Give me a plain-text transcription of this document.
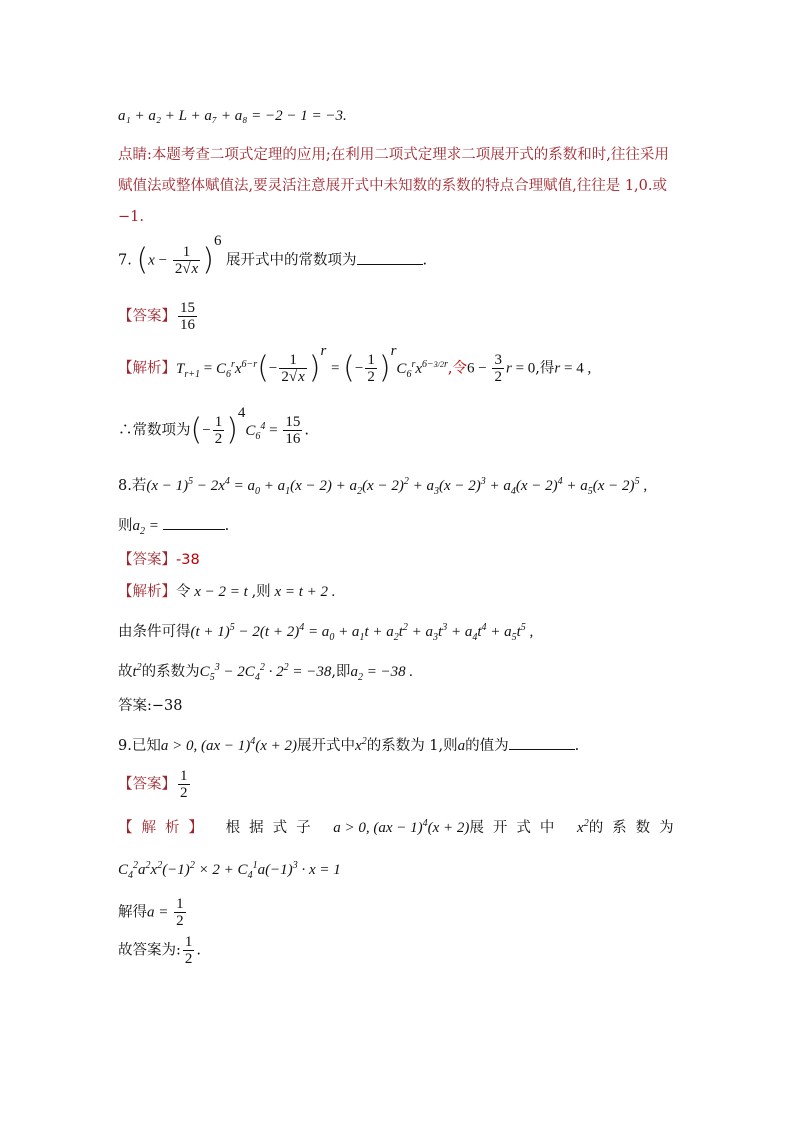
a₁ + a₂ + L + a₇ + a₈ = −2 − 1 = −3.
点睛:本题考查二项式定理的应用;在利用二项式定理求二项展开式的系数和时,往往采用
赋值法或整体赋值法,要灵活注意展开式中未知数的系数的特点合理赋值,往往是 1,0.或
−1.
7. $(x - \frac{1}{2√x} )^6$ 展开式中的常数项为	.
【答案】 $\frac{15}{16}$
【解析】$T_{r+1} = C_6^rx^{6-r}(- \frac{1}{2√x} )^r$ = (− $\frac{1}{2} )^rC_6^rx^{6-3/2r}$,令$6 - \frac{3}{2}$ r = 0,得r = 4 ,
∴常数项为(− $\frac{1}{2} )^4C_6^4 = \frac{15}{16}$ .
8.若$(x - 1)^5 - 2x^4 = a_0 + a_1(x - 2) + a_2(x - 2)^2 + a_3(x - 2)^3 + a_4(x - 2)^4 + a_5(x - 2)^5$ ,
则$a_2$ =	.
【答案】-38
【解析】令 x − 2 = t ,则 x = t + 2 .
由条件可得$(t + 1)^5 - 2(t + 2)^4 = a_0 + a_1t + a_2t^2 + a_3t^3 + a_4t^4 + a_5t^5$ ,
故$t^2$的系数为$C_5^3 - 2C_4^2 \cdot 2^2 = -38$,即$a_2 = -38$ .
答案:−38
9.已知a > 0, (ax − 1)$^4$(x + 2)展开式中$x^2$的系数为 1,则a的值为	.
【答案】 $\frac{1}{2}$
【解析】 根据式子 a > 0, (ax − 1)$^4$(x + 2)展开式中 $x^2$的系数为
$C_4^2a^2x^2(-1)^2 \times 2 + C_4^1a(-1)^3 \cdot x = 1$
解得$a = \frac{1}{2}$
故答案为: $\frac{1}{2}$ .
